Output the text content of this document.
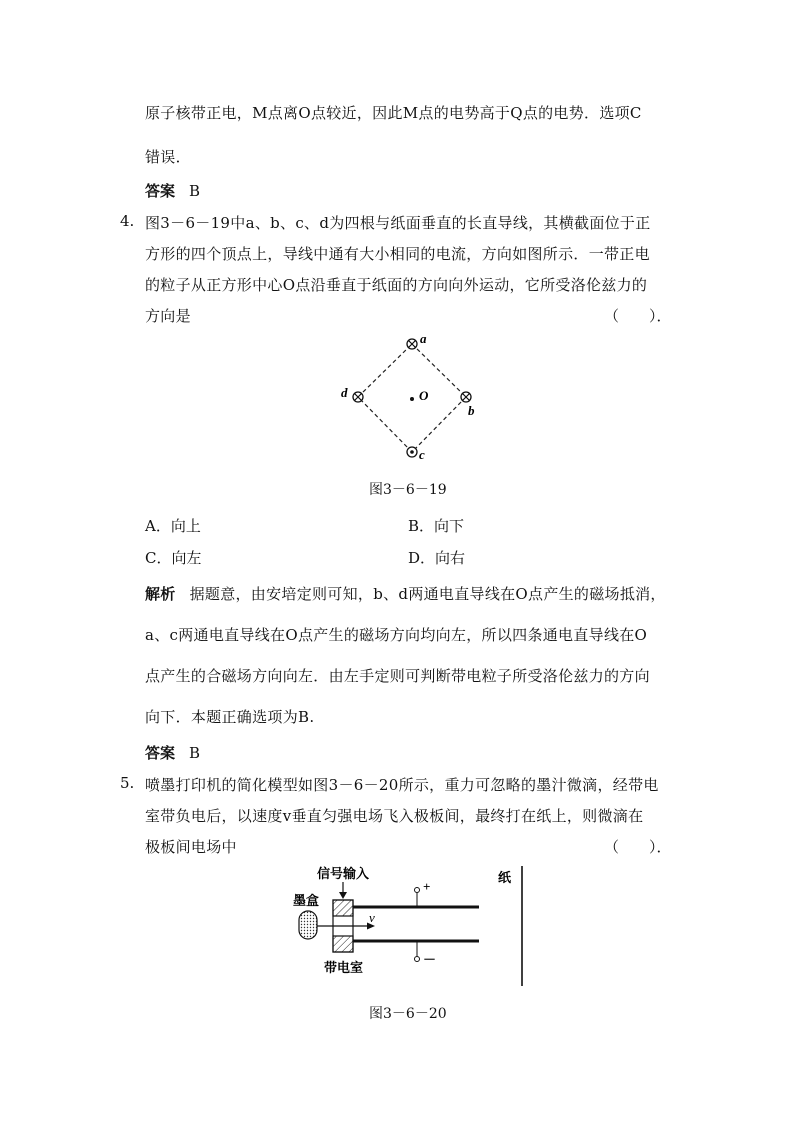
原子核带正电，M点离O点较近，因此M点的电势高于Q点的电势．选项C
错误．
答案 B
4. 图3－6－19中a、b、c、d为四根与纸面垂直的长直导线，其横截面位于正
方形的四个顶点上，导线中通有大小相同的电流，方向如图所示．一带正电
的粒子从正方形中心O点沿垂直于纸面的方向向外运动，它所受洛伦兹力的
方向是	（　　）．
O
a
b
c
d
图3－6－19
A．向上	B．向下
C．向左	D．向右
解析 据题意，由安培定则可知，b、d两通电直导线在O点产生的磁场抵消，
a、c两通电直导线在O点产生的磁场方向均向左，所以四条通电直导线在O
点产生的合磁场方向向左．由左手定则可判断带电粒子所受洛伦兹力的方向
向下．本题正确选项为B.
答案 B
5. 喷墨打印机的简化模型如图3－6－20所示，重力可忽略的墨汁微滴，经带电
室带负电后，以速度v垂直匀强电场飞入极板间，最终打在纸上，则微滴在
极板间电场中	（　　）．
信号输入
墨盒
带电室
纸
v
+
－
图3－6－20
